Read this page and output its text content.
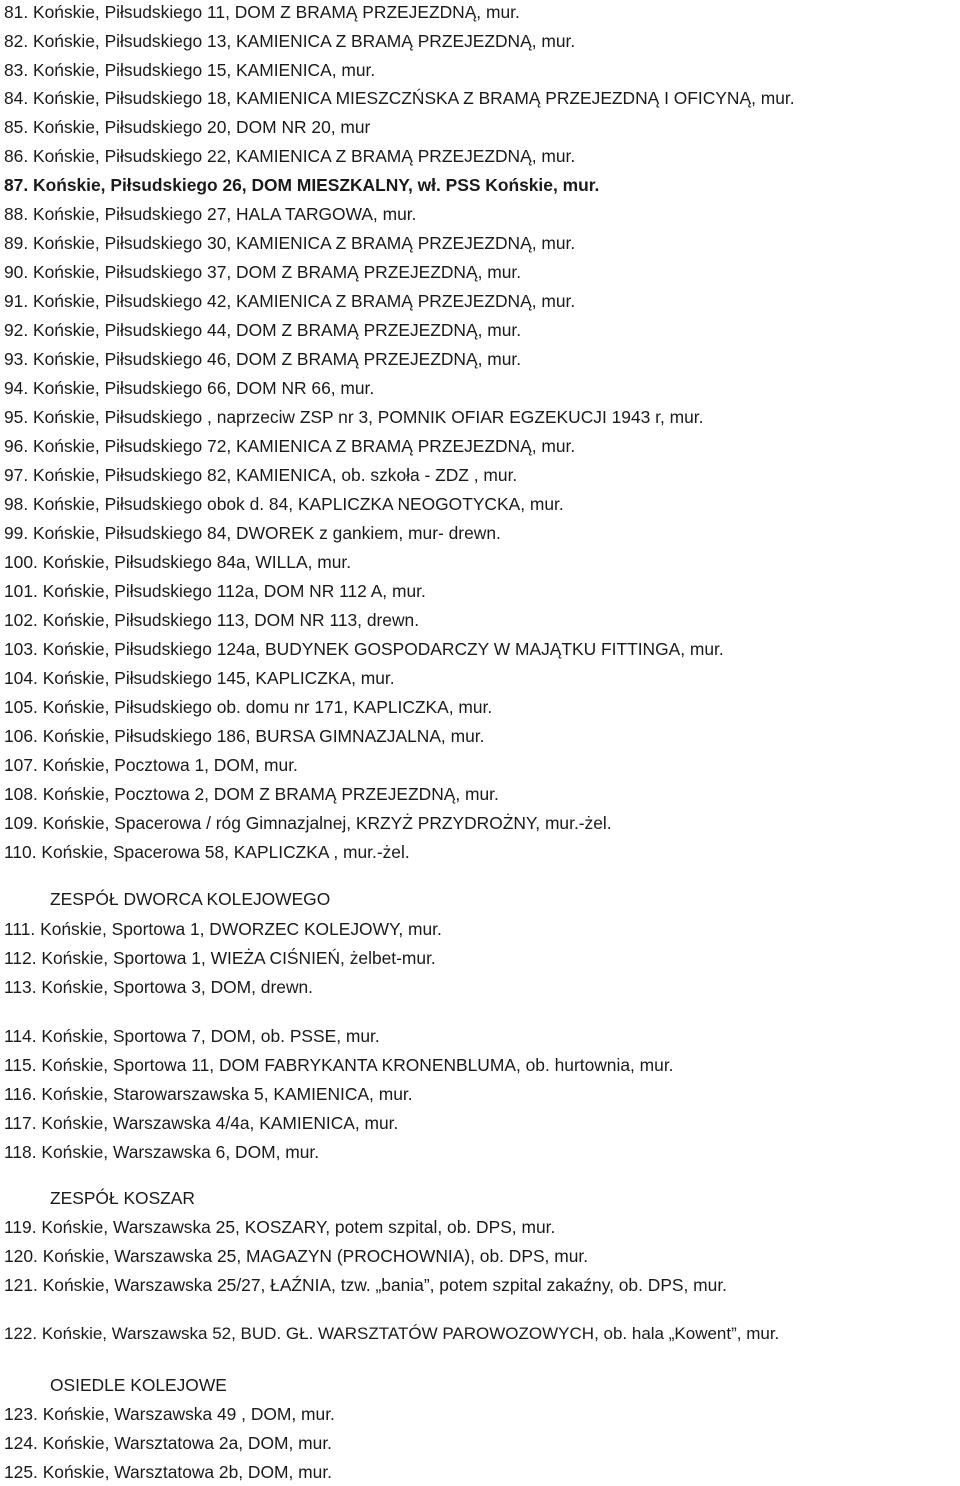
81. Końskie, Piłsudskiego 11, DOM Z BRAMĄ PRZEJEZDNĄ, mur.
82. Końskie, Piłsudskiego 13, KAMIENICA Z BRAMĄ PRZEJEZDNĄ, mur.
83. Końskie, Piłsudskiego 15, KAMIENICA, mur.
84. Końskie, Piłsudskiego 18, KAMIENICA MIESZCZŃSKA Z BRAMĄ PRZEJEZDNĄ I OFICYNĄ, mur.
85. Końskie, Piłsudskiego 20, DOM NR 20, mur
86. Końskie, Piłsudskiego 22, KAMIENICA Z BRAMĄ PRZEJEZDNĄ, mur.
87. Końskie, Piłsudskiego 26, DOM MIESZKALNY, wł. PSS Końskie, mur.
88. Końskie, Piłsudskiego 27, HALA TARGOWA, mur.
89. Końskie, Piłsudskiego 30, KAMIENICA Z BRAMĄ PRZEJEZDNĄ, mur.
90. Końskie, Piłsudskiego 37, DOM Z BRAMĄ PRZEJEZDNĄ, mur.
91. Końskie, Piłsudskiego 42, KAMIENICA Z BRAMĄ PRZEJEZDNĄ, mur.
92. Końskie, Piłsudskiego 44, DOM Z BRAMĄ PRZEJEZDNĄ, mur.
93. Końskie, Piłsudskiego 46, DOM Z BRAMĄ PRZEJEZDNĄ, mur.
94. Końskie, Piłsudskiego 66, DOM NR 66, mur.
95. Końskie, Piłsudskiego , naprzeciw ZSP nr 3, POMNIK OFIAR EGZEKUCJI 1943 r, mur.
96. Końskie, Piłsudskiego 72, KAMIENICA Z BRAMĄ PRZEJEZDNĄ, mur.
97. Końskie, Piłsudskiego 82, KAMIENICA, ob. szkoła - ZDZ , mur.
98. Końskie, Piłsudskiego obok d. 84, KAPLICZKA NEOGOTYCKA, mur.
99. Końskie, Piłsudskiego 84, DWOREK z gankiem, mur- drewn.
100. Końskie, Piłsudskiego 84a, WILLA, mur.
101. Końskie, Piłsudskiego 112a, DOM NR 112 A, mur.
102. Końskie, Piłsudskiego 113, DOM NR 113, drewn.
103. Końskie, Piłsudskiego 124a, BUDYNEK GOSPODARCZY W MAJĄTKU FITTINGA, mur.
104. Końskie, Piłsudskiego 145, KAPLICZKA, mur.
105. Końskie, Piłsudskiego ob. domu nr 171, KAPLICZKA, mur.
106. Końskie, Piłsudskiego 186, BURSA GIMNAZJALNA, mur.
107. Końskie, Pocztowa 1, DOM, mur.
108. Końskie, Pocztowa 2, DOM Z BRAMĄ PRZEJEZDNĄ, mur.
109. Końskie, Spacerowa / róg Gimnazjalnej, KRZYŻ PRZYDROŻNY, mur.-żel.
110. Końskie, Spacerowa 58, KAPLICZKA , mur.-żel.
ZESPÓŁ DWORCA KOLEJOWEGO
111. Końskie, Sportowa 1, DWORZEC KOLEJOWY, mur.
112. Końskie, Sportowa 1, WIEŻA CIŚNIEŃ, żelbet-mur.
113. Końskie, Sportowa 3, DOM, drewn.
114. Końskie, Sportowa 7, DOM, ob. PSSE, mur.
115. Końskie, Sportowa 11, DOM FABRYKANTA KRONENBLUMA, ob. hurtownia, mur.
116. Końskie, Starowarszawska 5, KAMIENICA, mur.
117. Końskie, Warszawska 4/4a, KAMIENICA, mur.
118. Końskie, Warszawska 6, DOM, mur.
ZESPÓŁ KOSZAR
119. Końskie, Warszawska 25, KOSZARY, potem szpital, ob. DPS, mur.
120. Końskie, Warszawska 25, MAGAZYN (PROCHOWNIA), ob. DPS, mur.
121. Końskie, Warszawska 25/27, ŁAŹNIA, tzw. „bania”, potem szpital zakaźny, ob. DPS, mur.
122. Końskie, Warszawska 52, BUD. GŁ. WARSZTATÓW PAROWOZOWYCH, ob. hala „Kowent”, mur.
OSIEDLE KOLEJOWE
123. Końskie, Warszawska 49 , DOM, mur.
124. Końskie, Warsztatowa 2a, DOM, mur.
125. Końskie, Warsztatowa 2b, DOM, mur.
